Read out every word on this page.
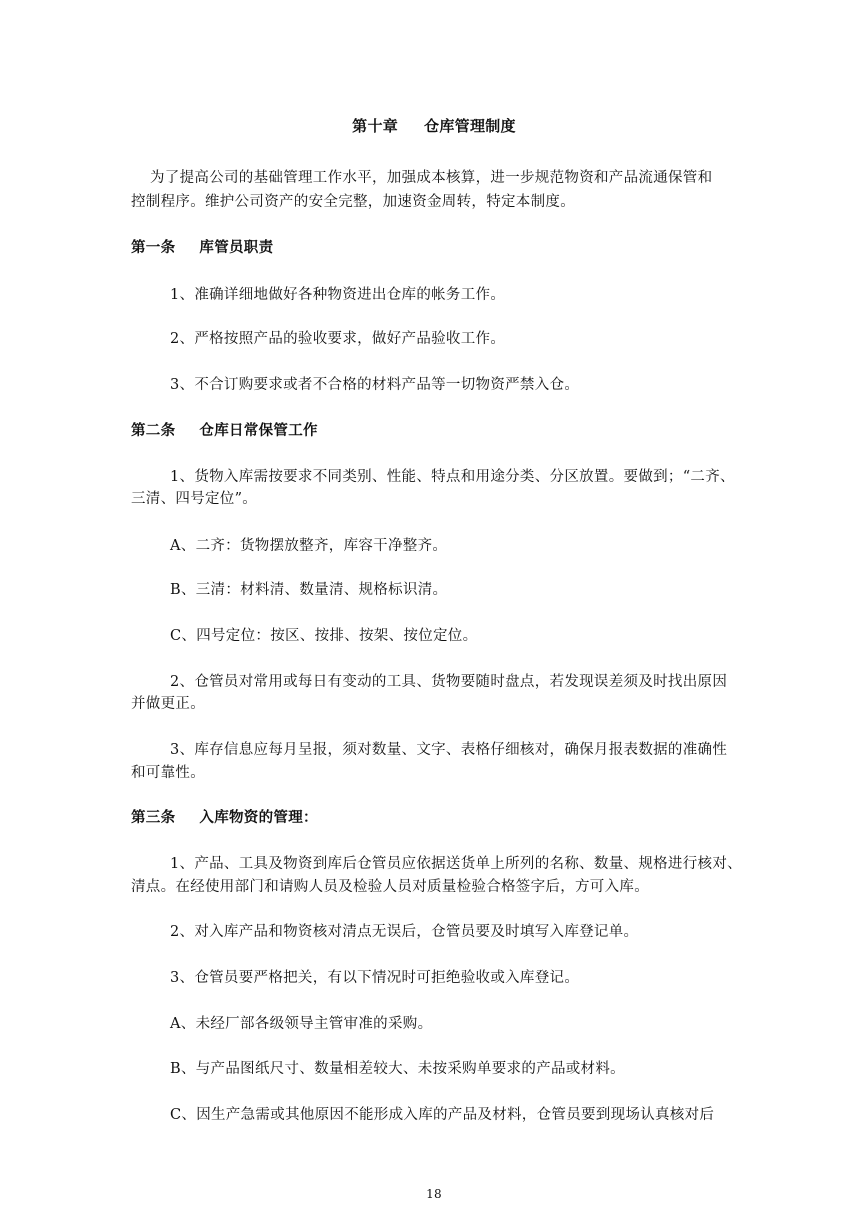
第十章 仓库管理制度
为了提高公司的基础管理工作水平，加强成本核算，进一步规范物资和产品流通保管和
控制程序。维护公司资产的安全完整，加速资金周转，特定本制度。
第一条 库管员职责
1、准确详细地做好各种物资进出仓库的帐务工作。
2、严格按照产品的验收要求，做好产品验收工作。
3、不合订购要求或者不合格的材料产品等一切物资严禁入仓。
第二条 仓库日常保管工作
1、货物入库需按要求不同类别、性能、特点和用途分类、分区放置。要做到；“二齐、
三清、四号定位”。
A、二齐：货物摆放整齐，库容干净整齐。
B、三清：材料清、数量清、规格标识清。
C、四号定位：按区、按排、按架、按位定位。
2、仓管员对常用或每日有变动的工具、货物要随时盘点，若发现误差须及时找出原因
并做更正。
3、库存信息应每月呈报，须对数量、文字、表格仔细核对，确保月报表数据的准确性
和可靠性。
第三条 入库物资的管理：
1、产品、工具及物资到库后仓管员应依据送货单上所列的名称、数量、规格进行核对、
清点。在经使用部门和请购人员及检验人员对质量检验合格签字后，方可入库。
2、对入库产品和物资核对清点无误后，仓管员要及时填写入库登记单。
3、仓管员要严格把关，有以下情况时可拒绝验收或入库登记。
A、未经厂部各级领导主管审准的采购。
B、与产品图纸尺寸、数量相差较大、未按采购单要求的产品或材料。
C、因生产急需或其他原因不能形成入库的产品及材料，仓管员要到现场认真核对后
18
